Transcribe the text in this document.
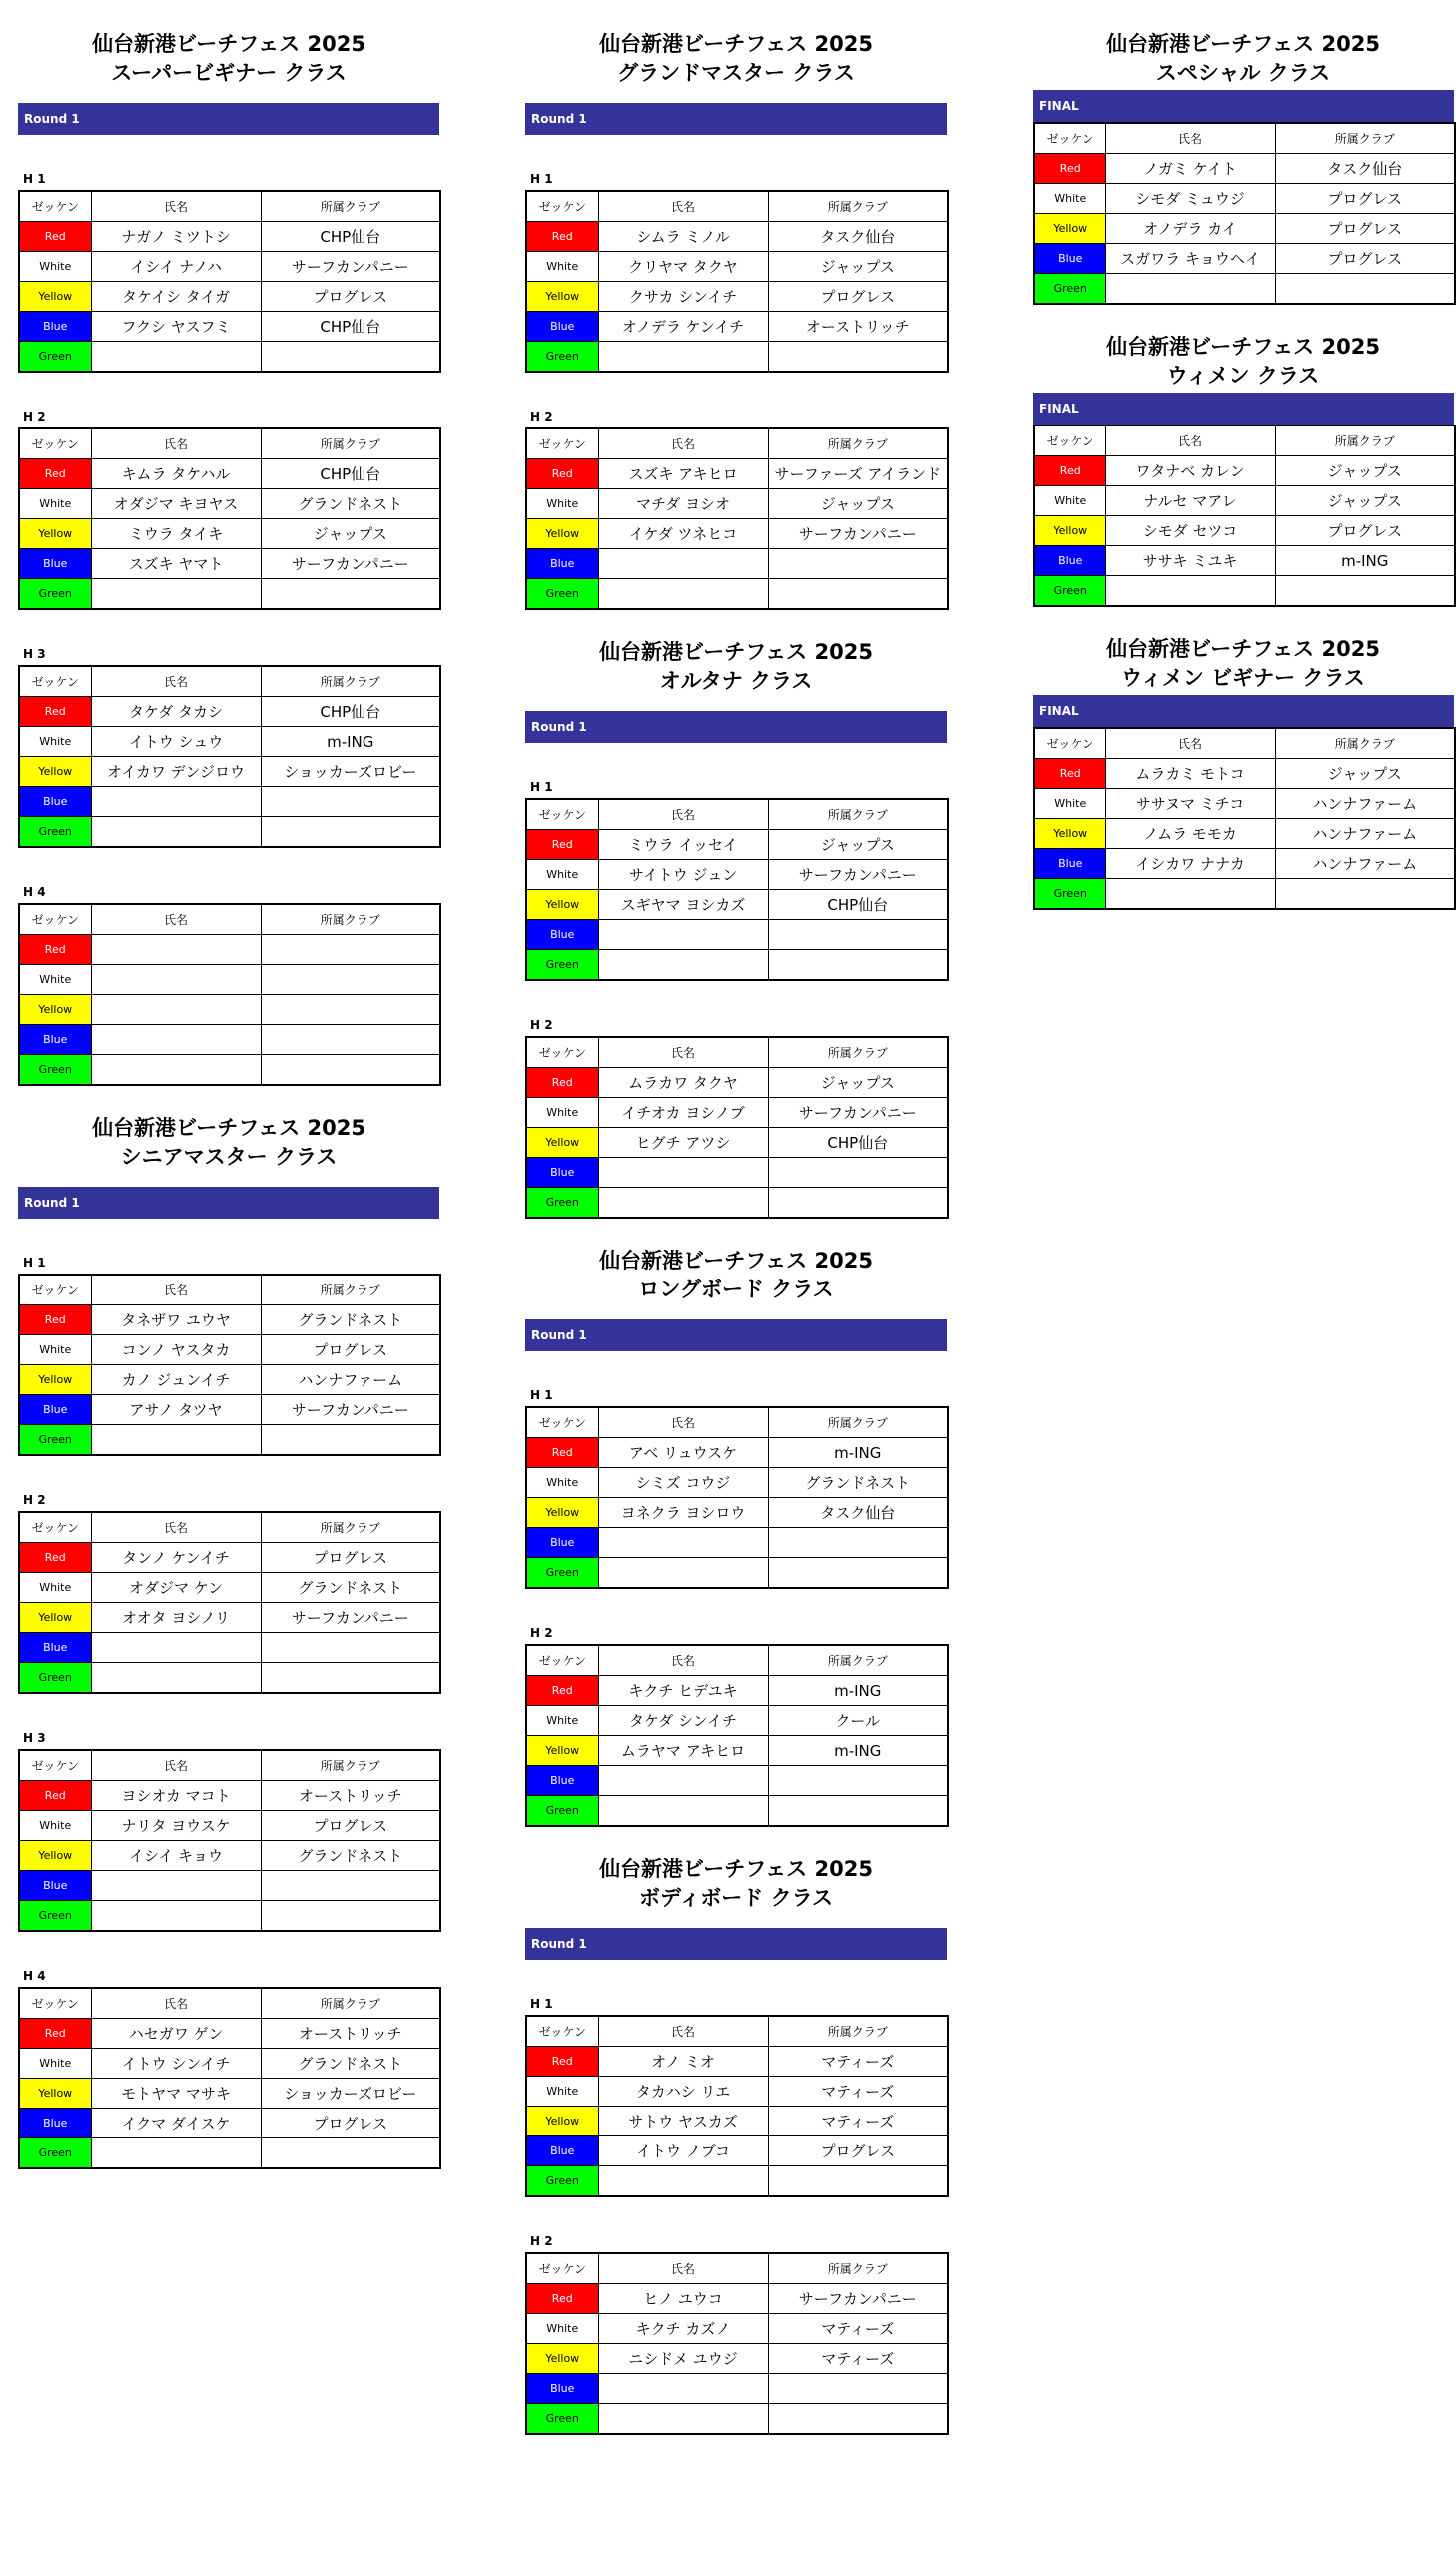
仙台新港ビーチフェス 2025
スーパービギナー クラス
Round 1
H 1
ゼッケン	氏名	所属クラブ
Red	ナガノ ミツトシ	CHP仙台
White	イシイ ナノハ	サーフカンパニー
Yellow	タケイシ タイガ	プログレス
Blue	フクシ ヤスフミ	CHP仙台
Green		
H 2
ゼッケン	氏名	所属クラブ
Red	キムラ タケハル	CHP仙台
White	オダジマ キヨヤス	グランドネスト
Yellow	ミウラ タイキ	ジャップス
Blue	スズキ ヤマト	サーフカンパニー
Green		
H 3
ゼッケン	氏名	所属クラブ
Red	タケダ タカシ	CHP仙台
White	イトウ シュウ	m-ING
Yellow	オイカワ デンジロウ	ショッカーズロビー
Blue		
Green		
H 4
ゼッケン	氏名	所属クラブ
Red		
White		
Yellow		
Blue		
Green		
仙台新港ビーチフェス 2025
シニアマスター クラス
Round 1
H 1
ゼッケン	氏名	所属クラブ
Red	タネザワ ユウヤ	グランドネスト
White	コンノ ヤスタカ	プログレス
Yellow	カノ ジュンイチ	ハンナファーム
Blue	アサノ タツヤ	サーフカンパニー
Green		
H 2
ゼッケン	氏名	所属クラブ
Red	タンノ ケンイチ	プログレス
White	オダジマ ケン	グランドネスト
Yellow	オオタ ヨシノリ	サーフカンパニー
Blue		
Green		
H 3
ゼッケン	氏名	所属クラブ
Red	ヨシオカ マコト	オーストリッチ
White	ナリタ ヨウスケ	プログレス
Yellow	イシイ キョウ	グランドネスト
Blue		
Green		
H 4
ゼッケン	氏名	所属クラブ
Red	ハセガワ ゲン	オーストリッチ
White	イトウ シンイチ	グランドネスト
Yellow	モトヤマ マサキ	ショッカーズロビー
Blue	イクマ ダイスケ	プログレス
Green		
仙台新港ビーチフェス 2025
グランドマスター クラス
Round 1
H 1
ゼッケン	氏名	所属クラブ
Red	シムラ ミノル	タスク仙台
White	クリヤマ タクヤ	ジャップス
Yellow	クサカ シンイチ	プログレス
Blue	オノデラ ケンイチ	オーストリッチ
Green		
H 2
ゼッケン	氏名	所属クラブ
Red	スズキ アキヒロ	サーファーズ アイランド
White	マチダ ヨシオ	ジャップス
Yellow	イケダ ツネヒコ	サーフカンパニー
Blue		
Green		
仙台新港ビーチフェス 2025
オルタナ クラス
Round 1
H 1
ゼッケン	氏名	所属クラブ
Red	ミウラ イッセイ	ジャップス
White	サイトウ ジュン	サーフカンパニー
Yellow	スギヤマ ヨシカズ	CHP仙台
Blue		
Green		
H 2
ゼッケン	氏名	所属クラブ
Red	ムラカワ タクヤ	ジャップス
White	イチオカ ヨシノブ	サーフカンパニー
Yellow	ヒグチ アツシ	CHP仙台
Blue		
Green		
仙台新港ビーチフェス 2025
ロングボード クラス
Round 1
H 1
ゼッケン	氏名	所属クラブ
Red	アベ リュウスケ	m-ING
White	シミズ コウジ	グランドネスト
Yellow	ヨネクラ ヨシロウ	タスク仙台
Blue		
Green		
H 2
ゼッケン	氏名	所属クラブ
Red	キクチ ヒデユキ	m-ING
White	タケダ シンイチ	クール
Yellow	ムラヤマ アキヒロ	m-ING
Blue		
Green		
仙台新港ビーチフェス 2025
ボディボード クラス
Round 1
H 1
ゼッケン	氏名	所属クラブ
Red	オノ ミオ	マティーズ
White	タカハシ リエ	マティーズ
Yellow	サトウ ヤスカズ	マティーズ
Blue	イトウ ノブコ	プログレス
Green		
H 2
ゼッケン	氏名	所属クラブ
Red	ヒノ ユウコ	サーフカンパニー
White	キクチ カズノ	マティーズ
Yellow	ニシドメ ユウジ	マティーズ
Blue		
Green		
仙台新港ビーチフェス 2025
スペシャル クラス
FINAL
ゼッケン	氏名	所属クラブ
Red	ノガミ ケイト	タスク仙台
White	シモダ ミュウジ	プログレス
Yellow	オノデラ カイ	プログレス
Blue	スガワラ キョウヘイ	プログレス
Green		
仙台新港ビーチフェス 2025
ウィメン クラス
FINAL
ゼッケン	氏名	所属クラブ
Red	ワタナベ カレン	ジャップス
White	ナルセ マアレ	ジャップス
Yellow	シモダ セツコ	プログレス
Blue	ササキ ミユキ	m-ING
Green		
仙台新港ビーチフェス 2025
ウィメン ビギナー クラス
FINAL
ゼッケン	氏名	所属クラブ
Red	ムラカミ モトコ	ジャップス
White	ササヌマ ミチコ	ハンナファーム
Yellow	ノムラ モモカ	ハンナファーム
Blue	イシカワ ナナカ	ハンナファーム
Green		
